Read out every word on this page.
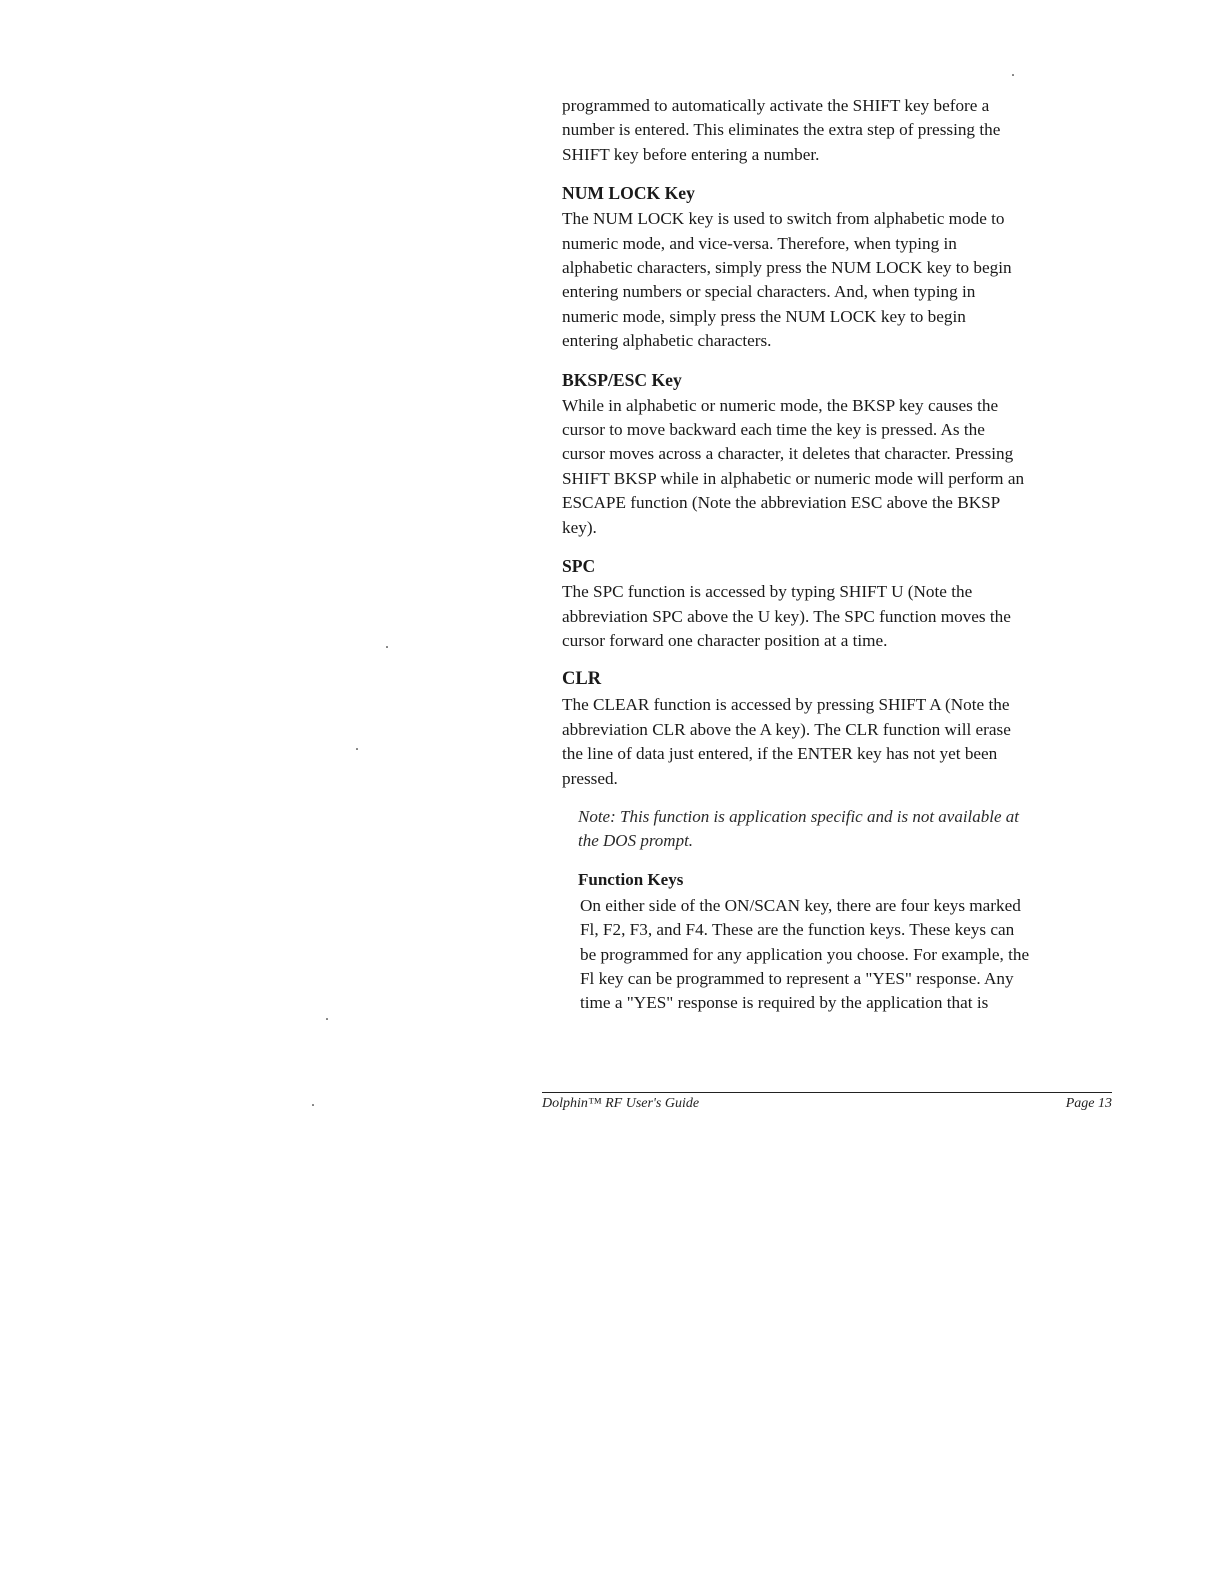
programmed to automatically activate the SHIFT key before a
number is entered. This eliminates the extra step of pressing the
SHIFT key before entering a number.

NUM LOCK Key

The NUM LOCK key is used to switch from alphabetic mode to
numeric mode, and vice-versa. Therefore, when typing in
alphabetic characters, simply press the NUM LOCK key to begin
entering numbers or special characters. And, when typing in
numeric mode, simply press the NUM LOCK key to begin
entering alphabetic characters.

BKSP/ESC Key

While in alphabetic or numeric mode, the BKSP key causes the
cursor to move backward each time the key is pressed. As the
cursor moves across a character, it deletes that character. Pressing
SHIFT BKSP while in alphabetic or numeric mode will perform an
ESCAPE function (Note the abbreviation ESC above the BKSP
key).

SPC

The SPC function is accessed by typing SHIFT U (Note the
abbreviation SPC above the U key). The SPC function moves the
cursor forward one character position at a time.

CLR

The CLEAR function is accessed by pressing SHIFT A (Note the
abbreviation CLR above the A key). The CLR function will erase
the line of data just entered, if the ENTER key has not yet been
pressed.

Note: This function is application specific and is not available at
the DOS prompt.

Function Keys

On either side of the ON/SCAN key, there are four keys marked
Fl, F2, F3, and F4. These are the function keys. These keys can
be programmed for any application you choose. For example, the
Fl key can be programmed to represent a "YES" response. Any
time a "YES" response is required by the application that is

Dolphin™ RF User's Guide	Page 13
